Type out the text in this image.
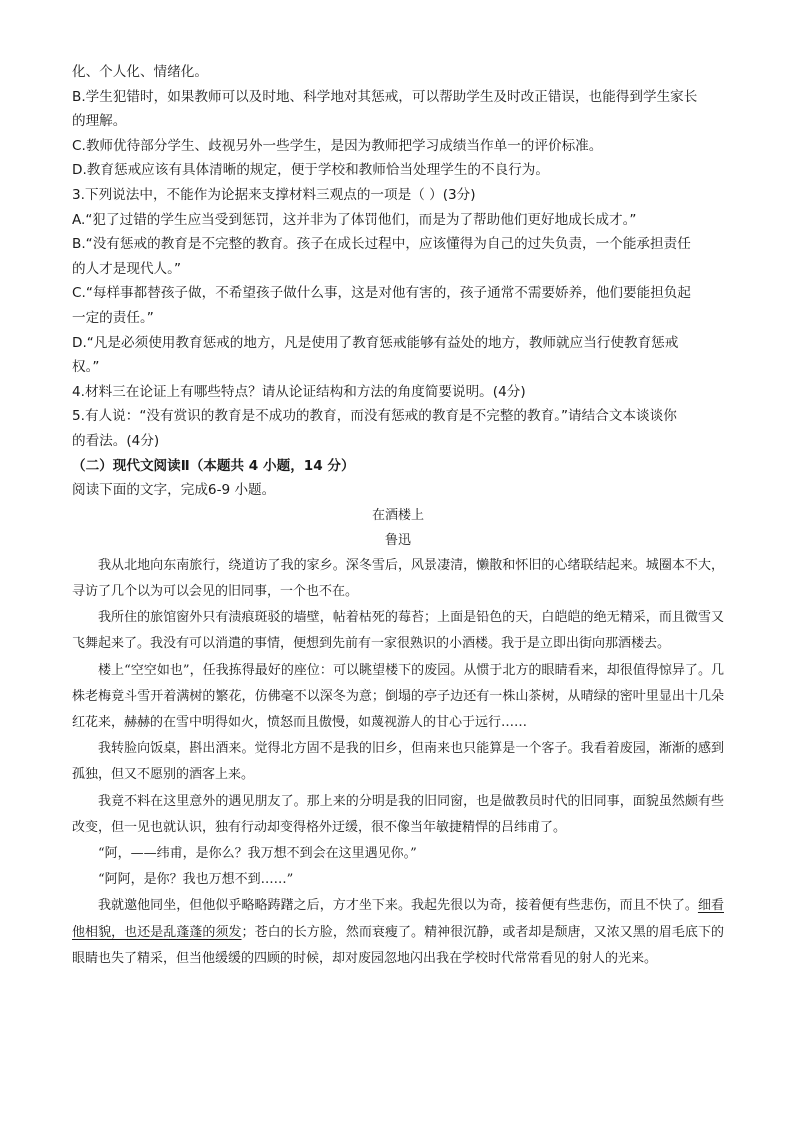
化、个人化、情绪化。

B.学生犯错时，如果教师可以及时地、科学地对其惩戒，可以帮助学生及时改正错误，也能得到学生家长

的理解。

C.教师优待部分学生、歧视另外一些学生，是因为教师把学习成绩当作单一的评价标准。

D.教育惩戒应该有具体清晰的规定，便于学校和教师恰当处理学生的不良行为。

3.下列说法中，不能作为论据来支撑材料三观点的一项是（ ）(3分)

A.“犯了过错的学生应当受到惩罚，这并非为了体罚他们，而是为了帮助他们更好地成长成才。”

B.“没有惩戒的教育是不完整的教育。孩子在成长过程中，应该懂得为自己的过失负责，一个能承担责任

的人才是现代人。”

C.“每样事都替孩子做，不希望孩子做什么事，这是对他有害的，孩子通常不需要娇养，他们要能担负起

一定的责任。”

D.“凡是必须使用教育惩戒的地方，凡是使用了教育惩戒能够有益处的地方，教师就应当行使教育惩戒

权。”

4.材料三在论证上有哪些特点？请从论证结构和方法的角度简要说明。(4分)

5.有人说：“没有赏识的教育是不成功的教育，而没有惩戒的教育是不完整的教育。”请结合文本谈谈你

的看法。(4分)

（二）现代文阅读Ⅱ（本题共 4 小题，14 分）

阅读下面的文字，完成6-9 小题。

在酒楼上

鲁迅

我从北地向东南旅行，绕道访了我的家乡。深冬雪后，风景凄清，懒散和怀旧的心绪联结起来。城圈本不大，寻访了几个以为可以会见的旧同事，一个也不在。

我所住的旅馆窗外只有渍痕斑驳的墙壁，帖着枯死的莓苔；上面是铅色的天，白皑皑的绝无精采，而且微雪又飞舞起来了。我没有可以消遣的事情，便想到先前有一家很熟识的小酒楼。我于是立即出街向那酒楼去。

楼上“空空如也”，任我拣得最好的座位：可以眺望楼下的废园。从惯于北方的眼睛看来，却很值得惊异了。几株老梅竟斗雪开着满树的繁花，仿佛毫不以深冬为意；倒塌的亭子边还有一株山茶树，从晴绿的密叶里显出十几朵红花来，赫赫的在雪中明得如火，愤怒而且傲慢，如蔑视游人的甘心于远行……

我转脸向饭桌，斟出酒来。觉得北方固不是我的旧乡，但南来也只能算是一个客子。我看着废园，渐渐的感到孤独，但又不愿别的酒客上来。

我竟不料在这里意外的遇见朋友了。那上来的分明是我的旧同窗，也是做教员时代的旧同事，面貌虽然颇有些改变，但一见也就认识，独有行动却变得格外迂缓，很不像当年敏捷精悍的吕纬甫了。

“阿，——纬甫，是你么？我万想不到会在这里遇见你。”

“阿阿，是你？我也万想不到……”

我就邀他同坐，但他似乎略略踌躇之后，方才坐下来。我起先很以为奇，接着便有些悲伤，而且不快了。细看他相貌，也还是乱蓬蓬的须发；苍白的长方脸，然而衰瘦了。精神很沉静，或者却是颓唐，又浓又黑的眉毛底下的眼睛也失了精采，但当他缓缓的四顾的时候，却对废园忽地闪出我在学校时代常常看见的射人的光来。
